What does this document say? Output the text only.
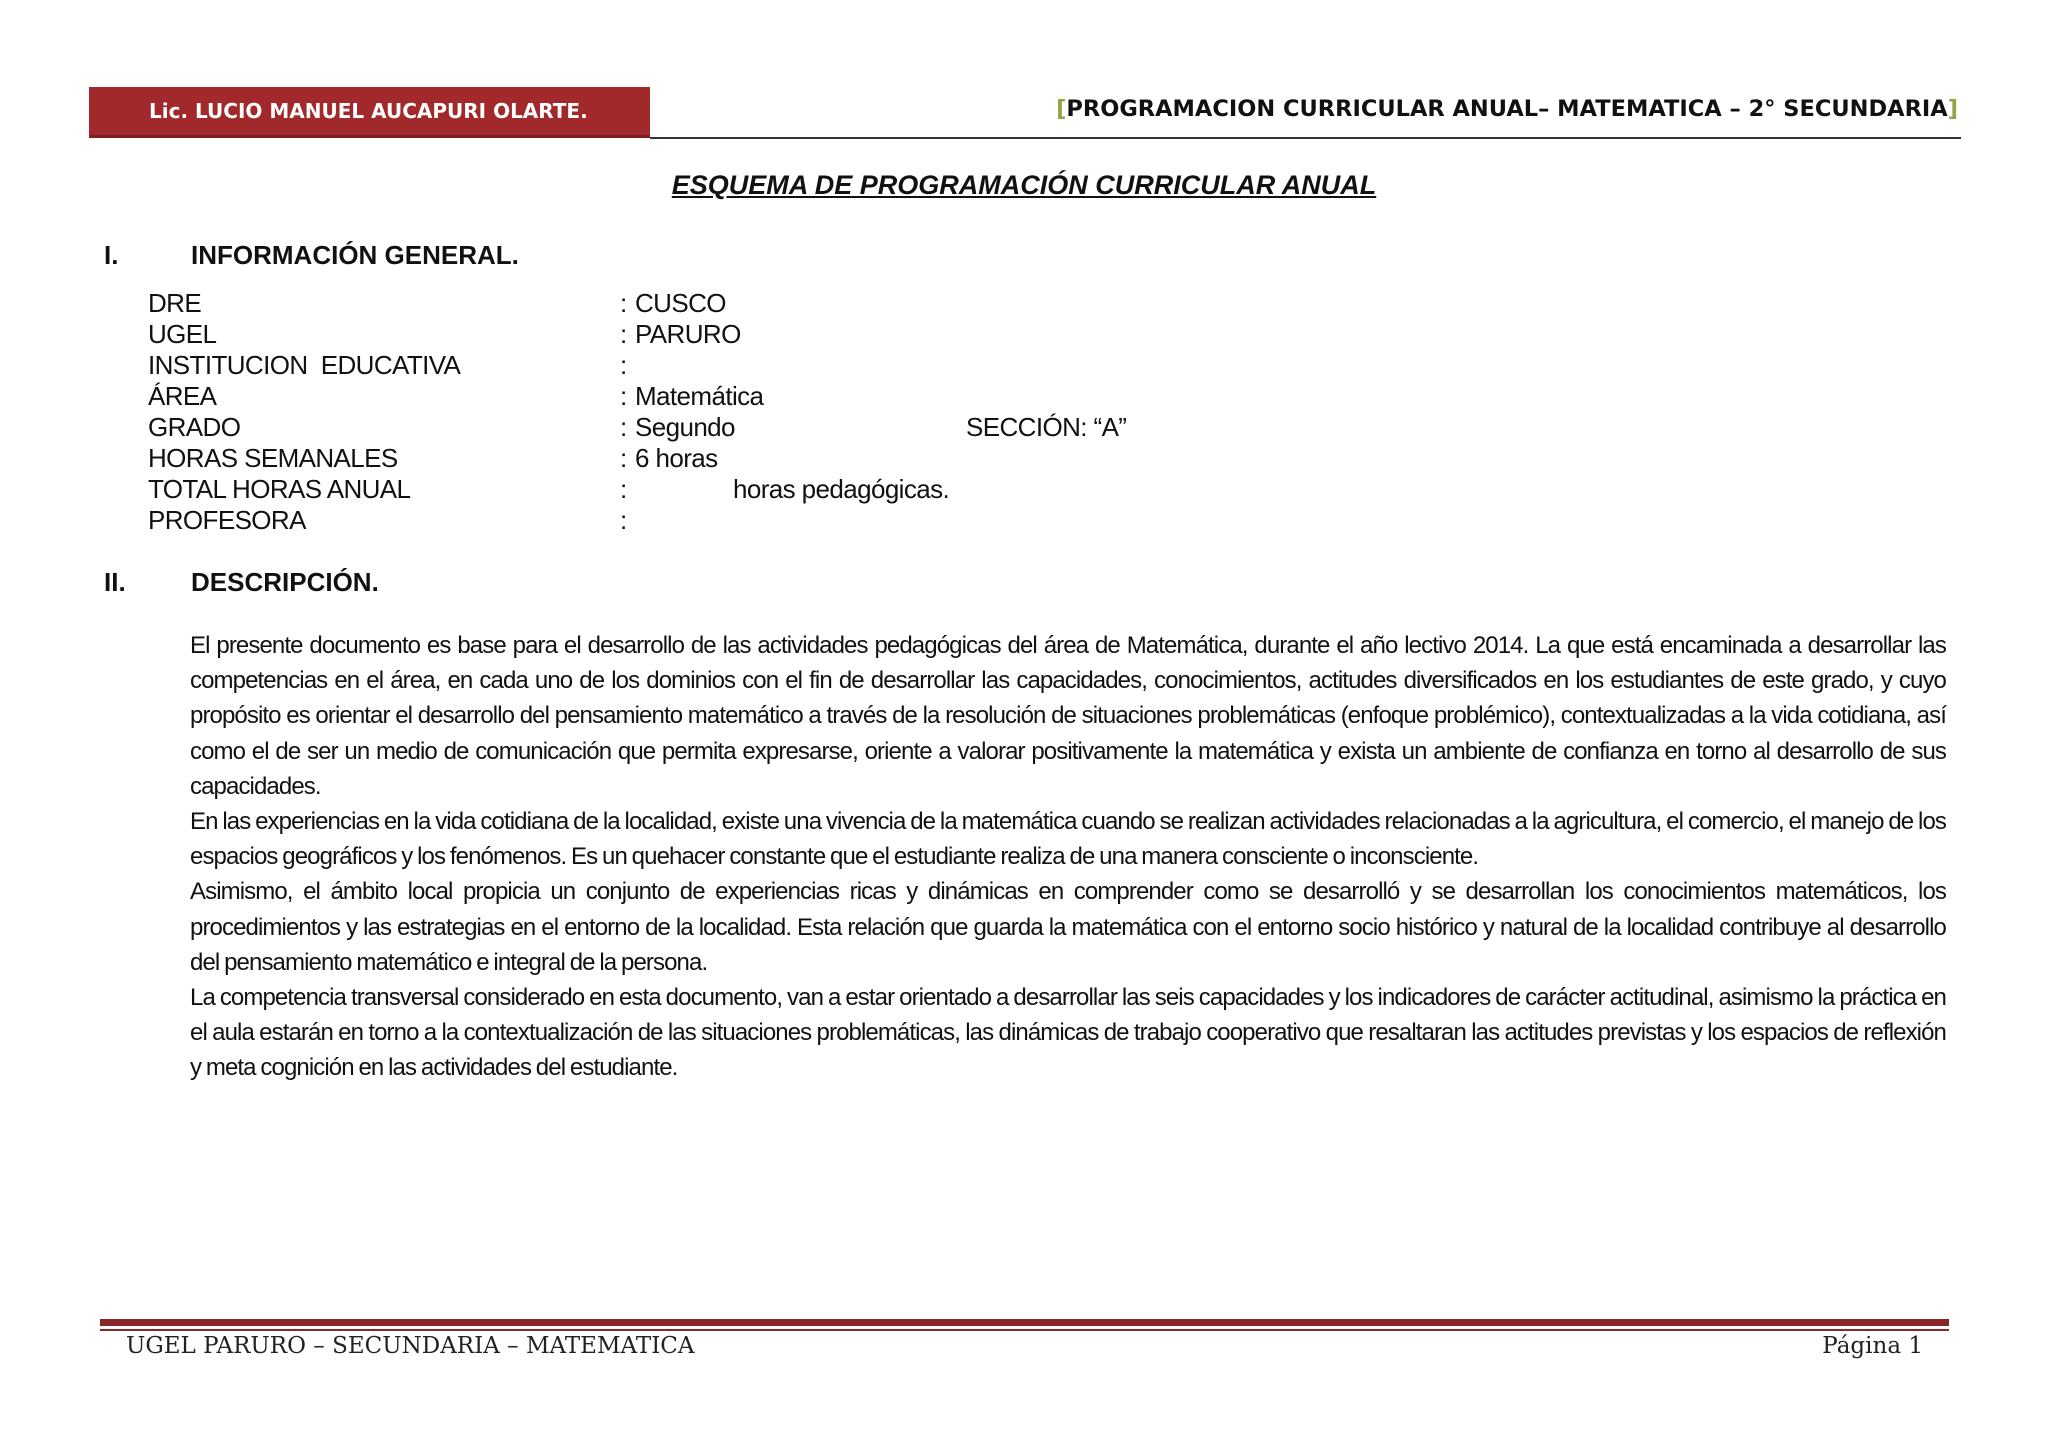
Lic. LUCIO MANUEL AUCAPURI OLARTE.	[PROGRAMACION CURRICULAR ANUAL– MATEMATICA – 2° SECUNDARIA]
ESQUEMA DE PROGRAMACIÓN CURRICULAR ANUAL
I.	INFORMACIÓN GENERAL.
DRE	: CUSCO
UGEL	: PARURO
INSTITUCION  EDUCATIVA	:
ÁREA	: Matemática
GRADO	: Segundo	SECCIÓN: “A”
HORAS SEMANALES	: 6 horas
TOTAL HORAS ANUAL	:	horas pedagógicas.
PROFESORA	:
II.	DESCRIPCIÓN.

El presente documento es base para el desarrollo de las actividades pedagógicas del área de Matemática, durante el año lectivo 2014. La que está encaminada a desarrollar las competencias en el área, en cada uno de los dominios con el fin de desarrollar las capacidades, conocimientos, actitudes diversificados en los estudiantes de este grado, y cuyo propósito es orientar el desarrollo del pensamiento matemático a través de la resolución de situaciones problemáticas (enfoque problémico), contextualizadas a la vida cotidiana, así como el de ser un medio de comunicación que permita expresarse, oriente a valorar positivamente la matemática y exista un ambiente de confianza en torno al desarrollo de sus capacidades.

En las experiencias en la vida cotidiana de la localidad, existe una vivencia de la matemática cuando se realizan actividades relacionadas a la agricultura, el comercio, el manejo de los espacios geográficos y los fenómenos. Es un quehacer constante que el estudiante realiza de una manera consciente o inconsciente.

Asimismo, el ámbito local propicia un conjunto de experiencias ricas y dinámicas en comprender como se desarrolló y se desarrollan los conocimientos matemáticos, los procedimientos y las estrategias en el entorno de la localidad. Esta relación que guarda la matemática con el entorno socio histórico y natural de la localidad contribuye al desarrollo del pensamiento matemático e integral de la persona.

La competencia transversal considerado en esta documento, van a estar orientado a desarrollar las seis capacidades y los indicadores de carácter actitudinal, asimismo la práctica en el aula estarán en torno a la contextualización de las situaciones problemáticas, las dinámicas de trabajo cooperativo que resaltaran las actitudes previstas y los espacios de reflexión y meta cognición en las actividades del estudiante.

UGEL PARURO – SECUNDARIA – MATEMATICA	Página 1
